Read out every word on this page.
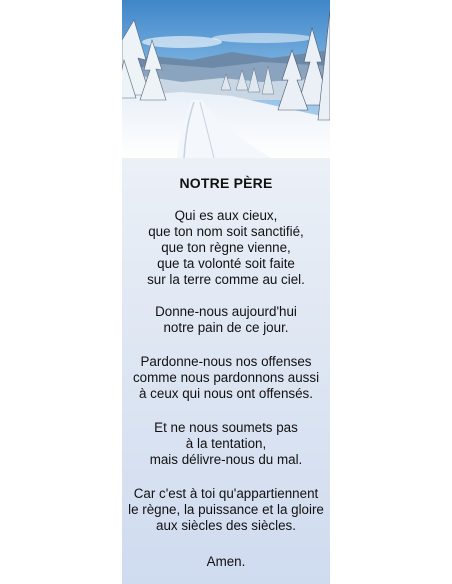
NOTRE PÈRE
Qui es aux cieux,
que ton nom soit sanctifié,
que ton règne vienne,
que ta volonté soit faite
sur la terre comme au ciel.
Donne-nous aujourd'hui
notre pain de ce jour.
Pardonne-nous nos offenses
comme nous pardonnons aussi
à ceux qui nous ont offensés.
Et ne nous soumets pas
à la tentation,
mais délivre-nous du mal.
Car c'est à toi qu'appartiennent
le règne, la puissance et la gloire
aux siècles des siècles.
Amen.
